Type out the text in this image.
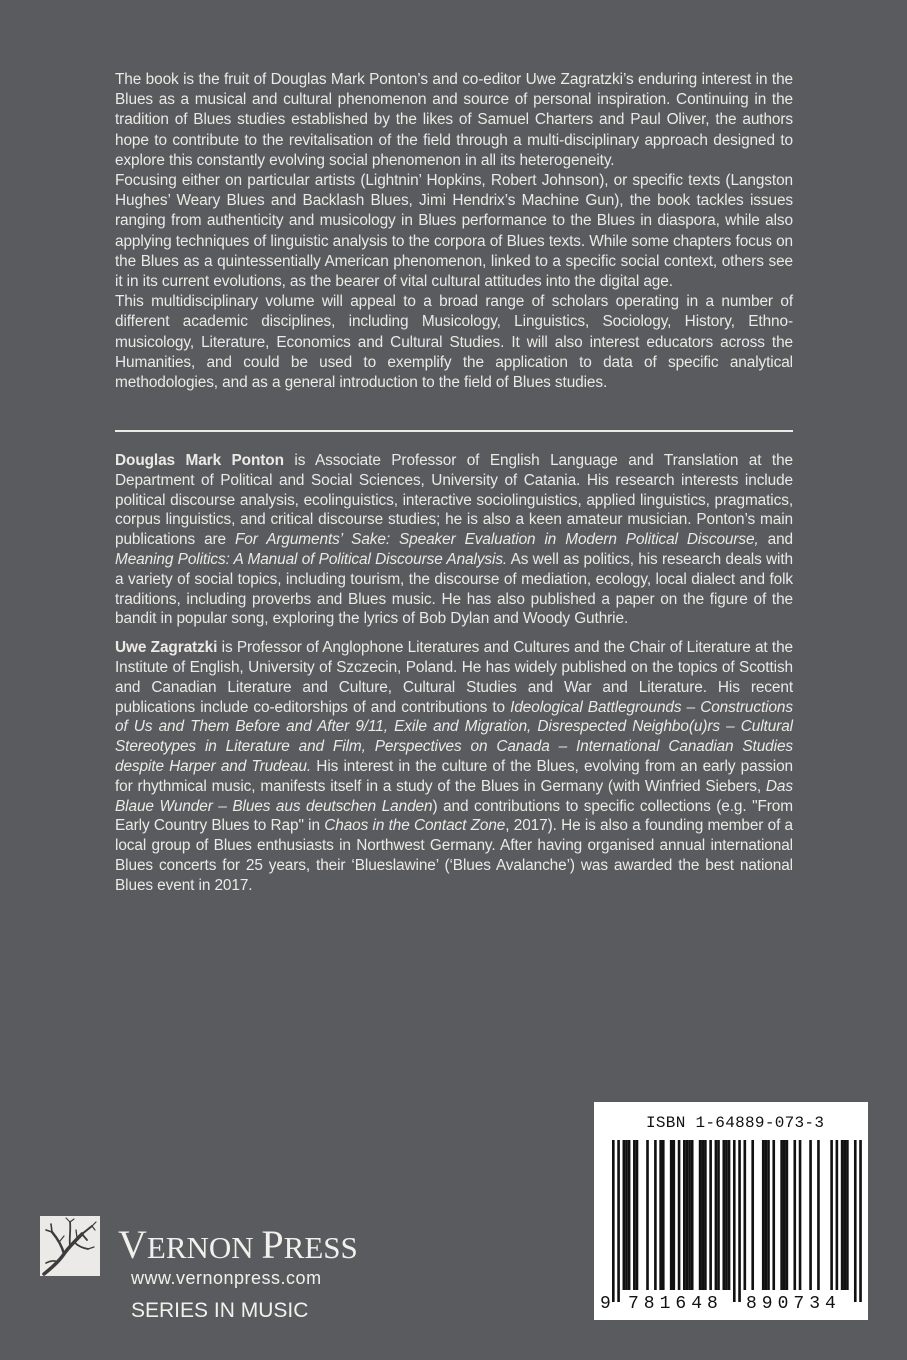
The book is the fruit of Douglas Mark Ponton’s and co-editor Uwe Zagratzki’s enduring interest in the Blues as a musical and cultural phenomenon and source of personal inspiration. Continuing in the tradition of Blues studies established by the likes of Samuel Charters and Paul Oliver, the authors hope to contribute to the revitalisation of the field through a multi-disciplinary approach designed to explore this constantly evolving social phenomenon in all its heterogeneity.

Focusing either on particular artists (Lightnin’ Hopkins, Robert Johnson), or specific texts (Langston Hughes’ Weary Blues and Backlash Blues, Jimi Hendrix’s Machine Gun), the book tackles issues ranging from authenticity and musicology in Blues performance to the Blues in diaspora, while also applying techniques of linguistic analysis to the corpora of Blues texts. While some chapters focus on the Blues as a quintessentially American phenomenon, linked to a specific social context, others see it in its current evolutions, as the bearer of vital cultural attitudes into the digital age.

This multidisciplinary volume will appeal to a broad range of scholars operating in a number of different academic disciplines, including Musicology, Linguistics, Sociology, History, Ethno-musicology, Literature, Economics and Cultural Studies. It will also interest educators across the Humanities, and could be used to exemplify the application to data of specific analytical methodologies, and as a general introduction to the field of Blues studies.

Douglas Mark Ponton is Associate Professor of English Language and Translation at the Department of Political and Social Sciences, University of Catania. His research interests include political discourse analysis, ecolinguistics, interactive sociolinguistics, applied linguistics, pragmatics, corpus linguistics, and critical discourse studies; he is also a keen amateur musician. Ponton’s main publications are For Arguments’ Sake: Speaker Evaluation in Modern Political Discourse, and Meaning Politics: A Manual of Political Discourse Analysis. As well as politics, his research deals with a variety of social topics, including tourism, the discourse of mediation, ecology, local dialect and folk traditions, including proverbs and Blues music. He has also published a paper on the figure of the bandit in popular song, exploring the lyrics of Bob Dylan and Woody Guthrie.

Uwe Zagratzki is Professor of Anglophone Literatures and Cultures and the Chair of Literature at the Institute of English, University of Szczecin, Poland. He has widely published on the topics of Scottish and Canadian Literature and Culture, Cultural Studies and War and Literature. His recent publications include co-editorships of and contributions to Ideological Battlegrounds – Constructions of Us and Them Before and After 9/11, Exile and Migration, Disrespected Neighbo(u)rs – Cultural Stereotypes in Literature and Film, Perspectives on Canada – International Canadian Studies despite Harper and Trudeau. His interest in the culture of the Blues, evolving from an early passion for rhythmical music, manifests itself in a study of the Blues in Germany (with Winfried Siebers, Das Blaue Wunder – Blues aus deutschen Landen) and contributions to specific collections (e.g. "From Early Country Blues to Rap" in Chaos in the Contact Zone, 2017). He is also a founding member of a local group of Blues enthusiasts in Northwest Germany. After having organised annual international Blues concerts for 25 years, their ‘Blueslawine’ (‘Blues Avalanche’) was awarded the best national Blues event in 2017.

VERNON PRESS
www.vernonpress.com
SERIES IN MUSIC
ISBN 1-64889-073-3
9 781648 890734
